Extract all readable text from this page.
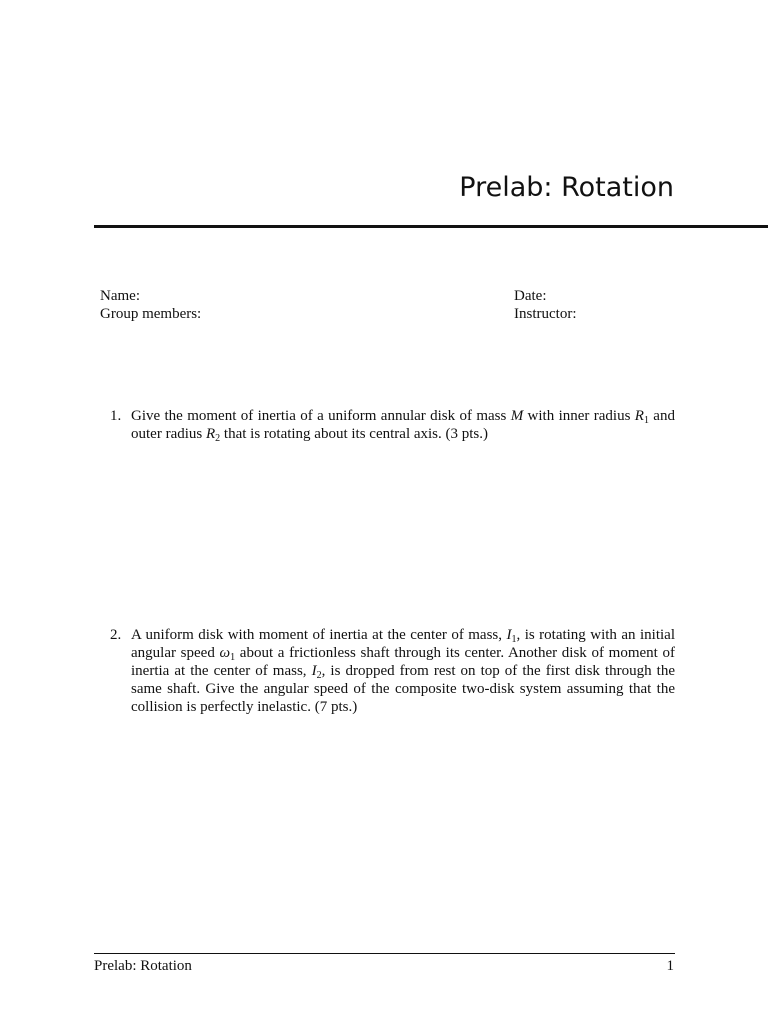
Prelab: Rotation
Name:
Group members:
Date:
Instructor:
1. Give the moment of inertia of a uniform annular disk of mass M with inner radius $R_1$ and outer radius $R_2$ that is rotating about its central axis. (3 pts.)
2. A uniform disk with moment of inertia at the center of mass, $I_1$, is rotating with an initial angular speed $\omega_1$ about a frictionless shaft through its center. Another disk of moment of inertia at the center of mass, $I_2$, is dropped from rest on top of the first disk through the same shaft. Give the angular speed of the composite two-disk system assuming that the collision is perfectly inelastic. (7 pts.)
Prelab: Rotation	1
